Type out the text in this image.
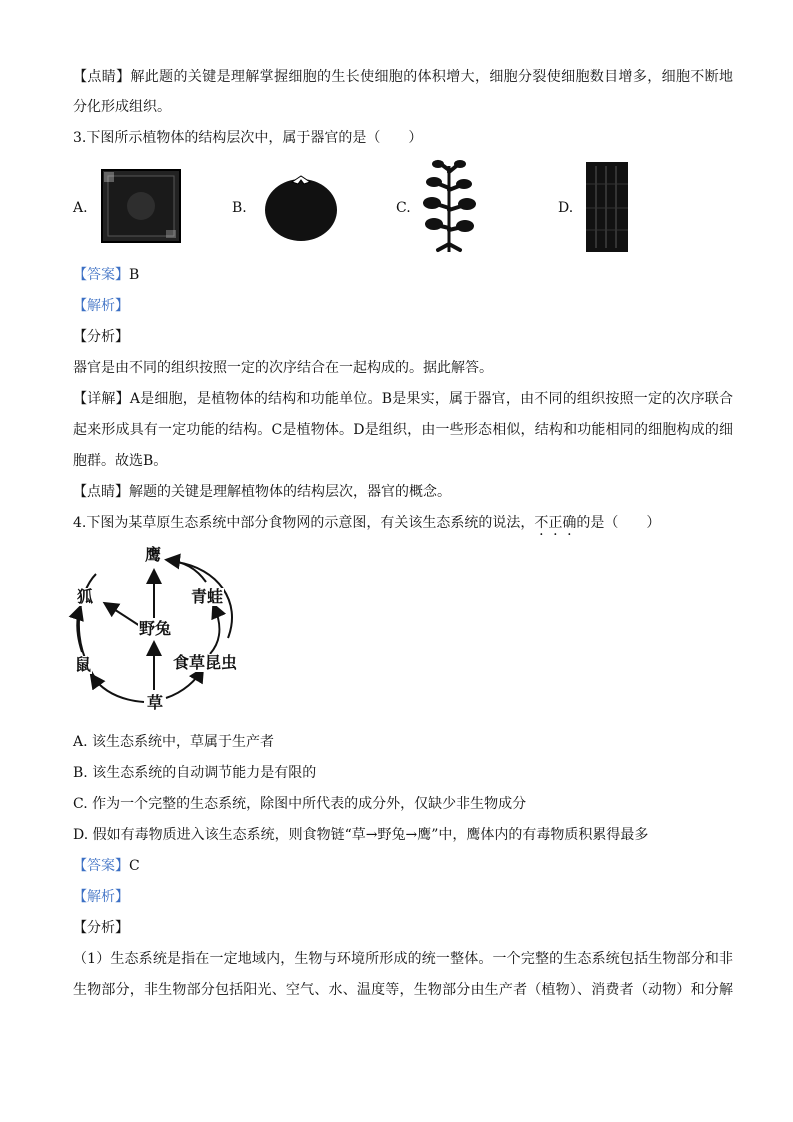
【点睛】解此题的关键是理解掌握细胞的生长使细胞的体积增大，细胞分裂使细胞数目增多，细胞不断地
分化形成组织。
3.下图所示植物体的结构层次中，属于器官的是（　　）
A.	B.	C.	D.
【答案】B
【解析】
【分析】
器官是由不同的组织按照一定的次序结合在一起构成的。据此解答。
【详解】A是细胞，是植物体的结构和功能单位。B是果实，属于器官，由不同的组织按照一定的次序联合
起来形成具有一定功能的结构。C是植物体。D是组织，由一些形态相似，结构和功能相同的细胞构成的细
胞群。故选B。
【点睛】解题的关键是理解植物体的结构层次，器官的概念。
4.下图为某草原生态系统中部分食物网的示意图，有关该生态系统的说法，不正确的是（　　）
鹰
狐	青蛙
野兔
鼠	食草昆虫
草
A. 该生态系统中，草属于生产者
B. 该生态系统的自动调节能力是有限的
C. 作为一个完整的生态系统，除图中所代表的成分外，仅缺少非生物成分
D. 假如有毒物质进入该生态系统，则食物链“草→野兔→鹰”中，鹰体内的有毒物质积累得最多
【答案】C
【解析】
【分析】
（1）生态系统是指在一定地域内，生物与环境所形成的统一整体。一个完整的生态系统包括生物部分和非
生物部分，非生物部分包括阳光、空气、水、温度等，生物部分由生产者（植物）、消费者（动物）和分解
